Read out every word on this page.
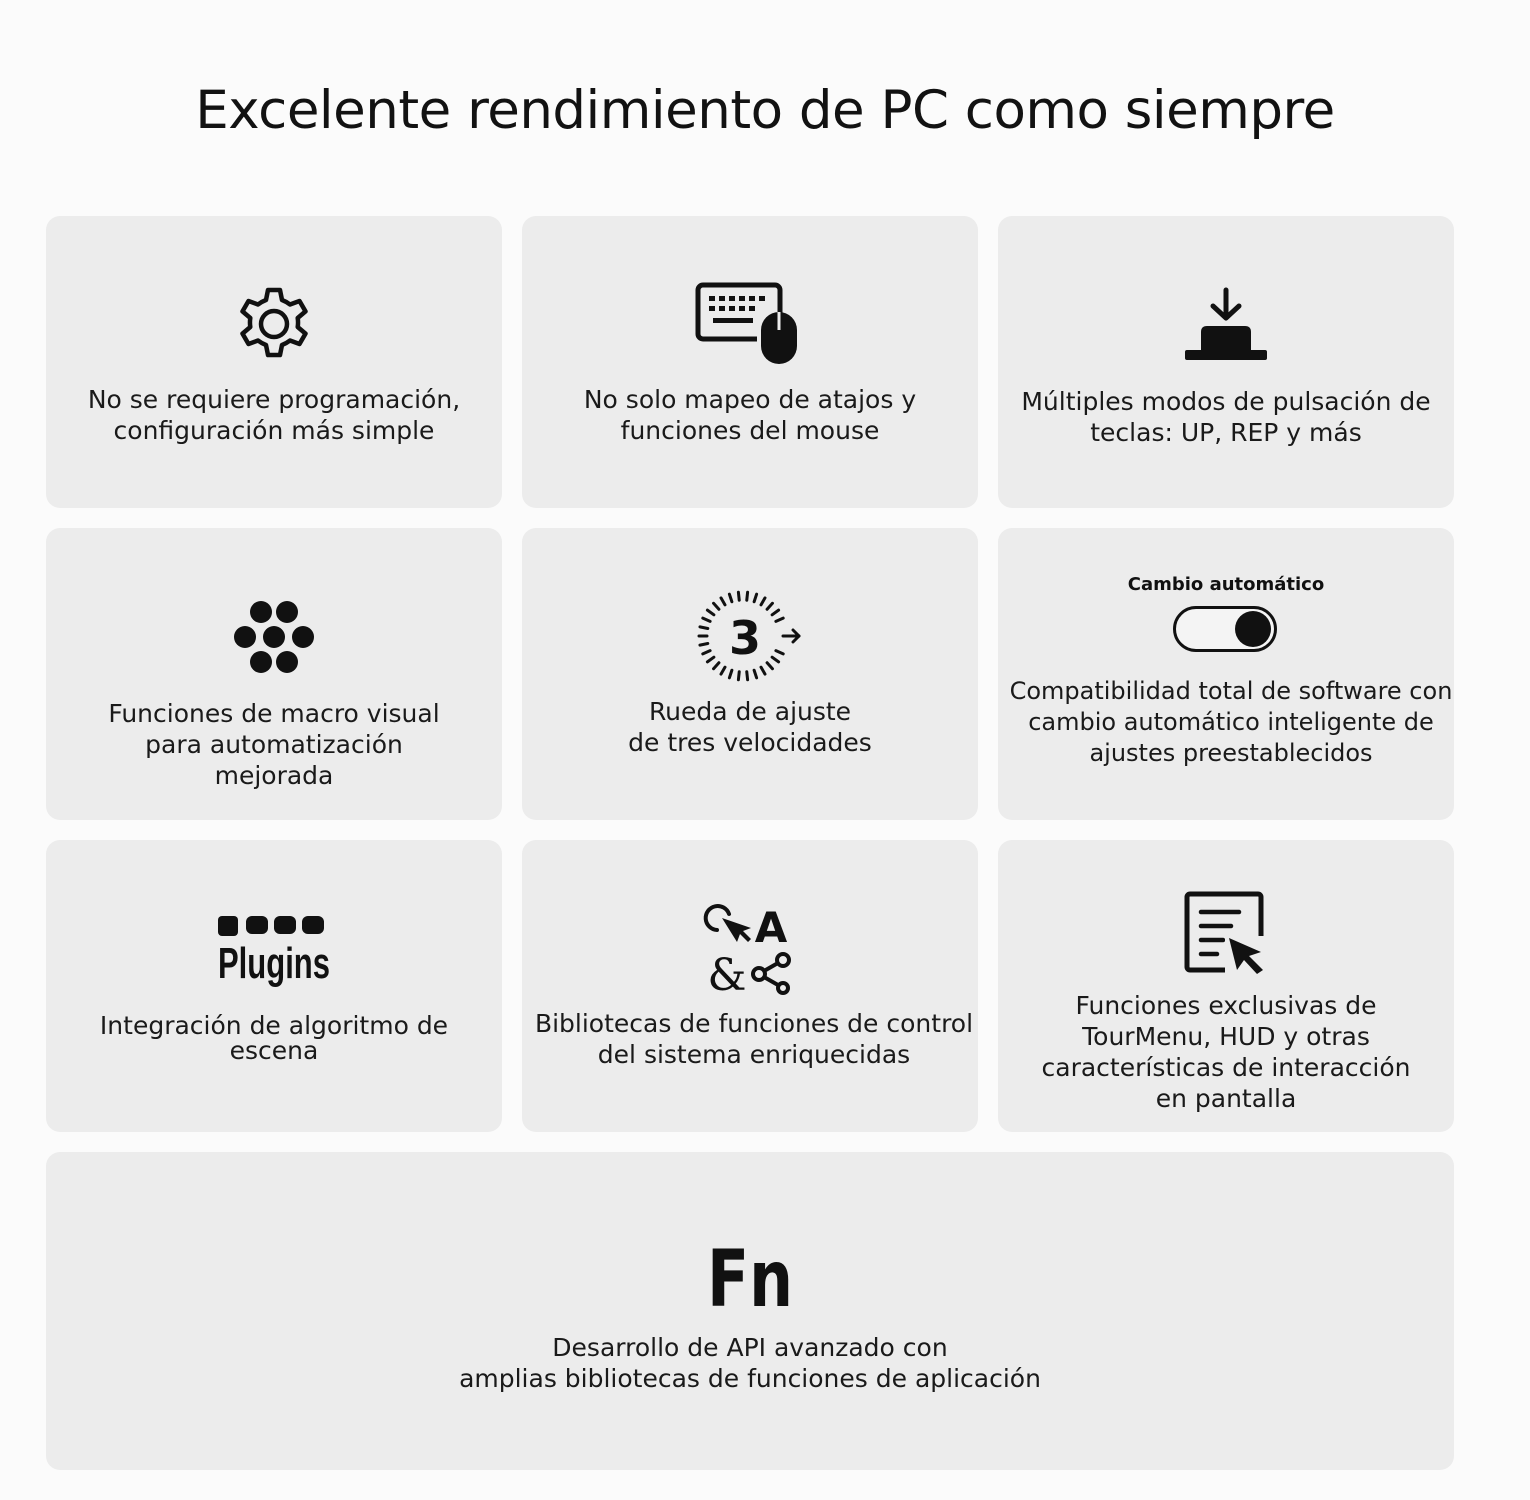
Excelente rendimiento de PC como siempre

No se requiere programación,
configuración más simple

No solo mapeo de atajos y
funciones del mouse

Múltiples modos de pulsación de
teclas: UP, REP y más

Funciones de macro visual
para automatización
mejorada

3

Rueda de ajuste
de tres velocidades

Cambio automático

Compatibilidad total de software con
cambio automático inteligente de
ajustes preestablecidos

Plugins

Integración de algoritmo de
escena

A
&

Bibliotecas de funciones de control
del sistema enriquecidas

Funciones exclusivas de
TourMenu, HUD y otras
características de interacción
en pantalla

Fn

Desarrollo de API avanzado con
amplias bibliotecas de funciones de aplicación
